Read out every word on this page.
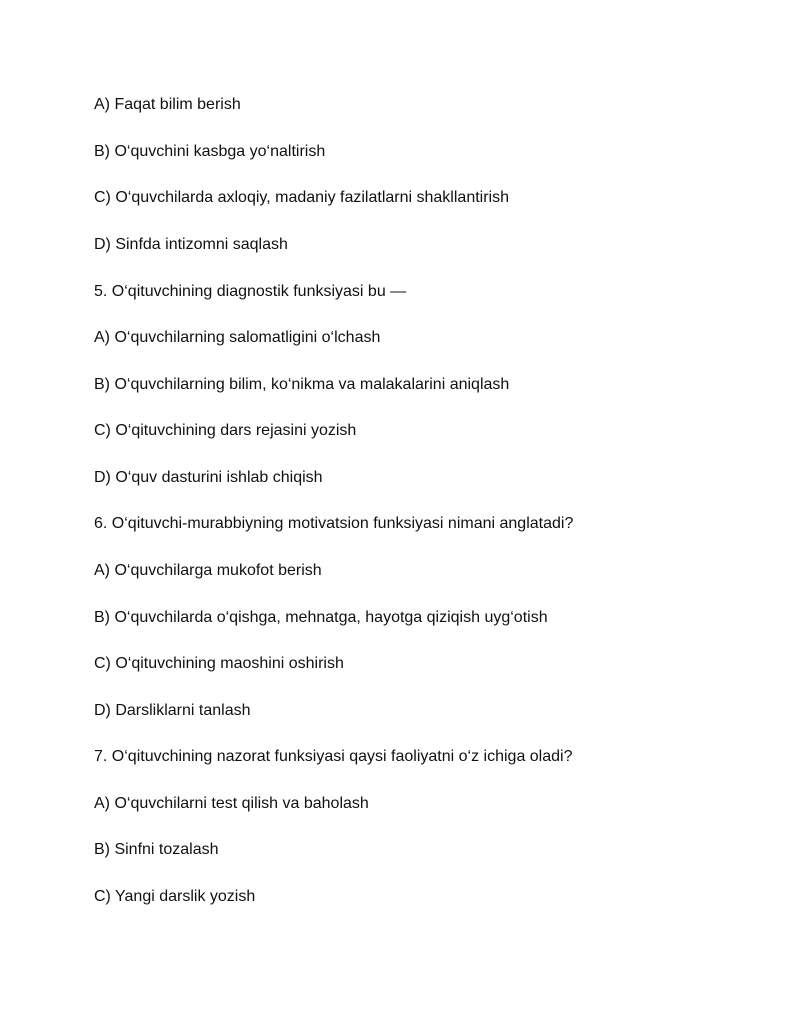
A) Faqat bilim berish

B) O‘quvchini kasbga yo‘naltirish

C) O‘quvchilarda axloqiy, madaniy fazilatlarni shakllantirish

D) Sinfda intizomni saqlash

5. O‘qituvchining diagnostik funksiyasi bu —

A) O‘quvchilarning salomatligini o‘lchash

B) O‘quvchilarning bilim, ko‘nikma va malakalarini aniqlash

C) O‘qituvchining dars rejasini yozish

D) O‘quv dasturini ishlab chiqish

6. O‘qituvchi-murabbiyning motivatsion funksiyasi nimani anglatadi?

A) O‘quvchilarga mukofot berish

B) O‘quvchilarda o‘qishga, mehnatga, hayotga qiziqish uyg‘otish

C) O‘qituvchining maoshini oshirish

D) Darsliklarni tanlash

7. O‘qituvchining nazorat funksiyasi qaysi faoliyatni o‘z ichiga oladi?

A) O‘quvchilarni test qilish va baholash

B) Sinfni tozalash

C) Yangi darslik yozish
